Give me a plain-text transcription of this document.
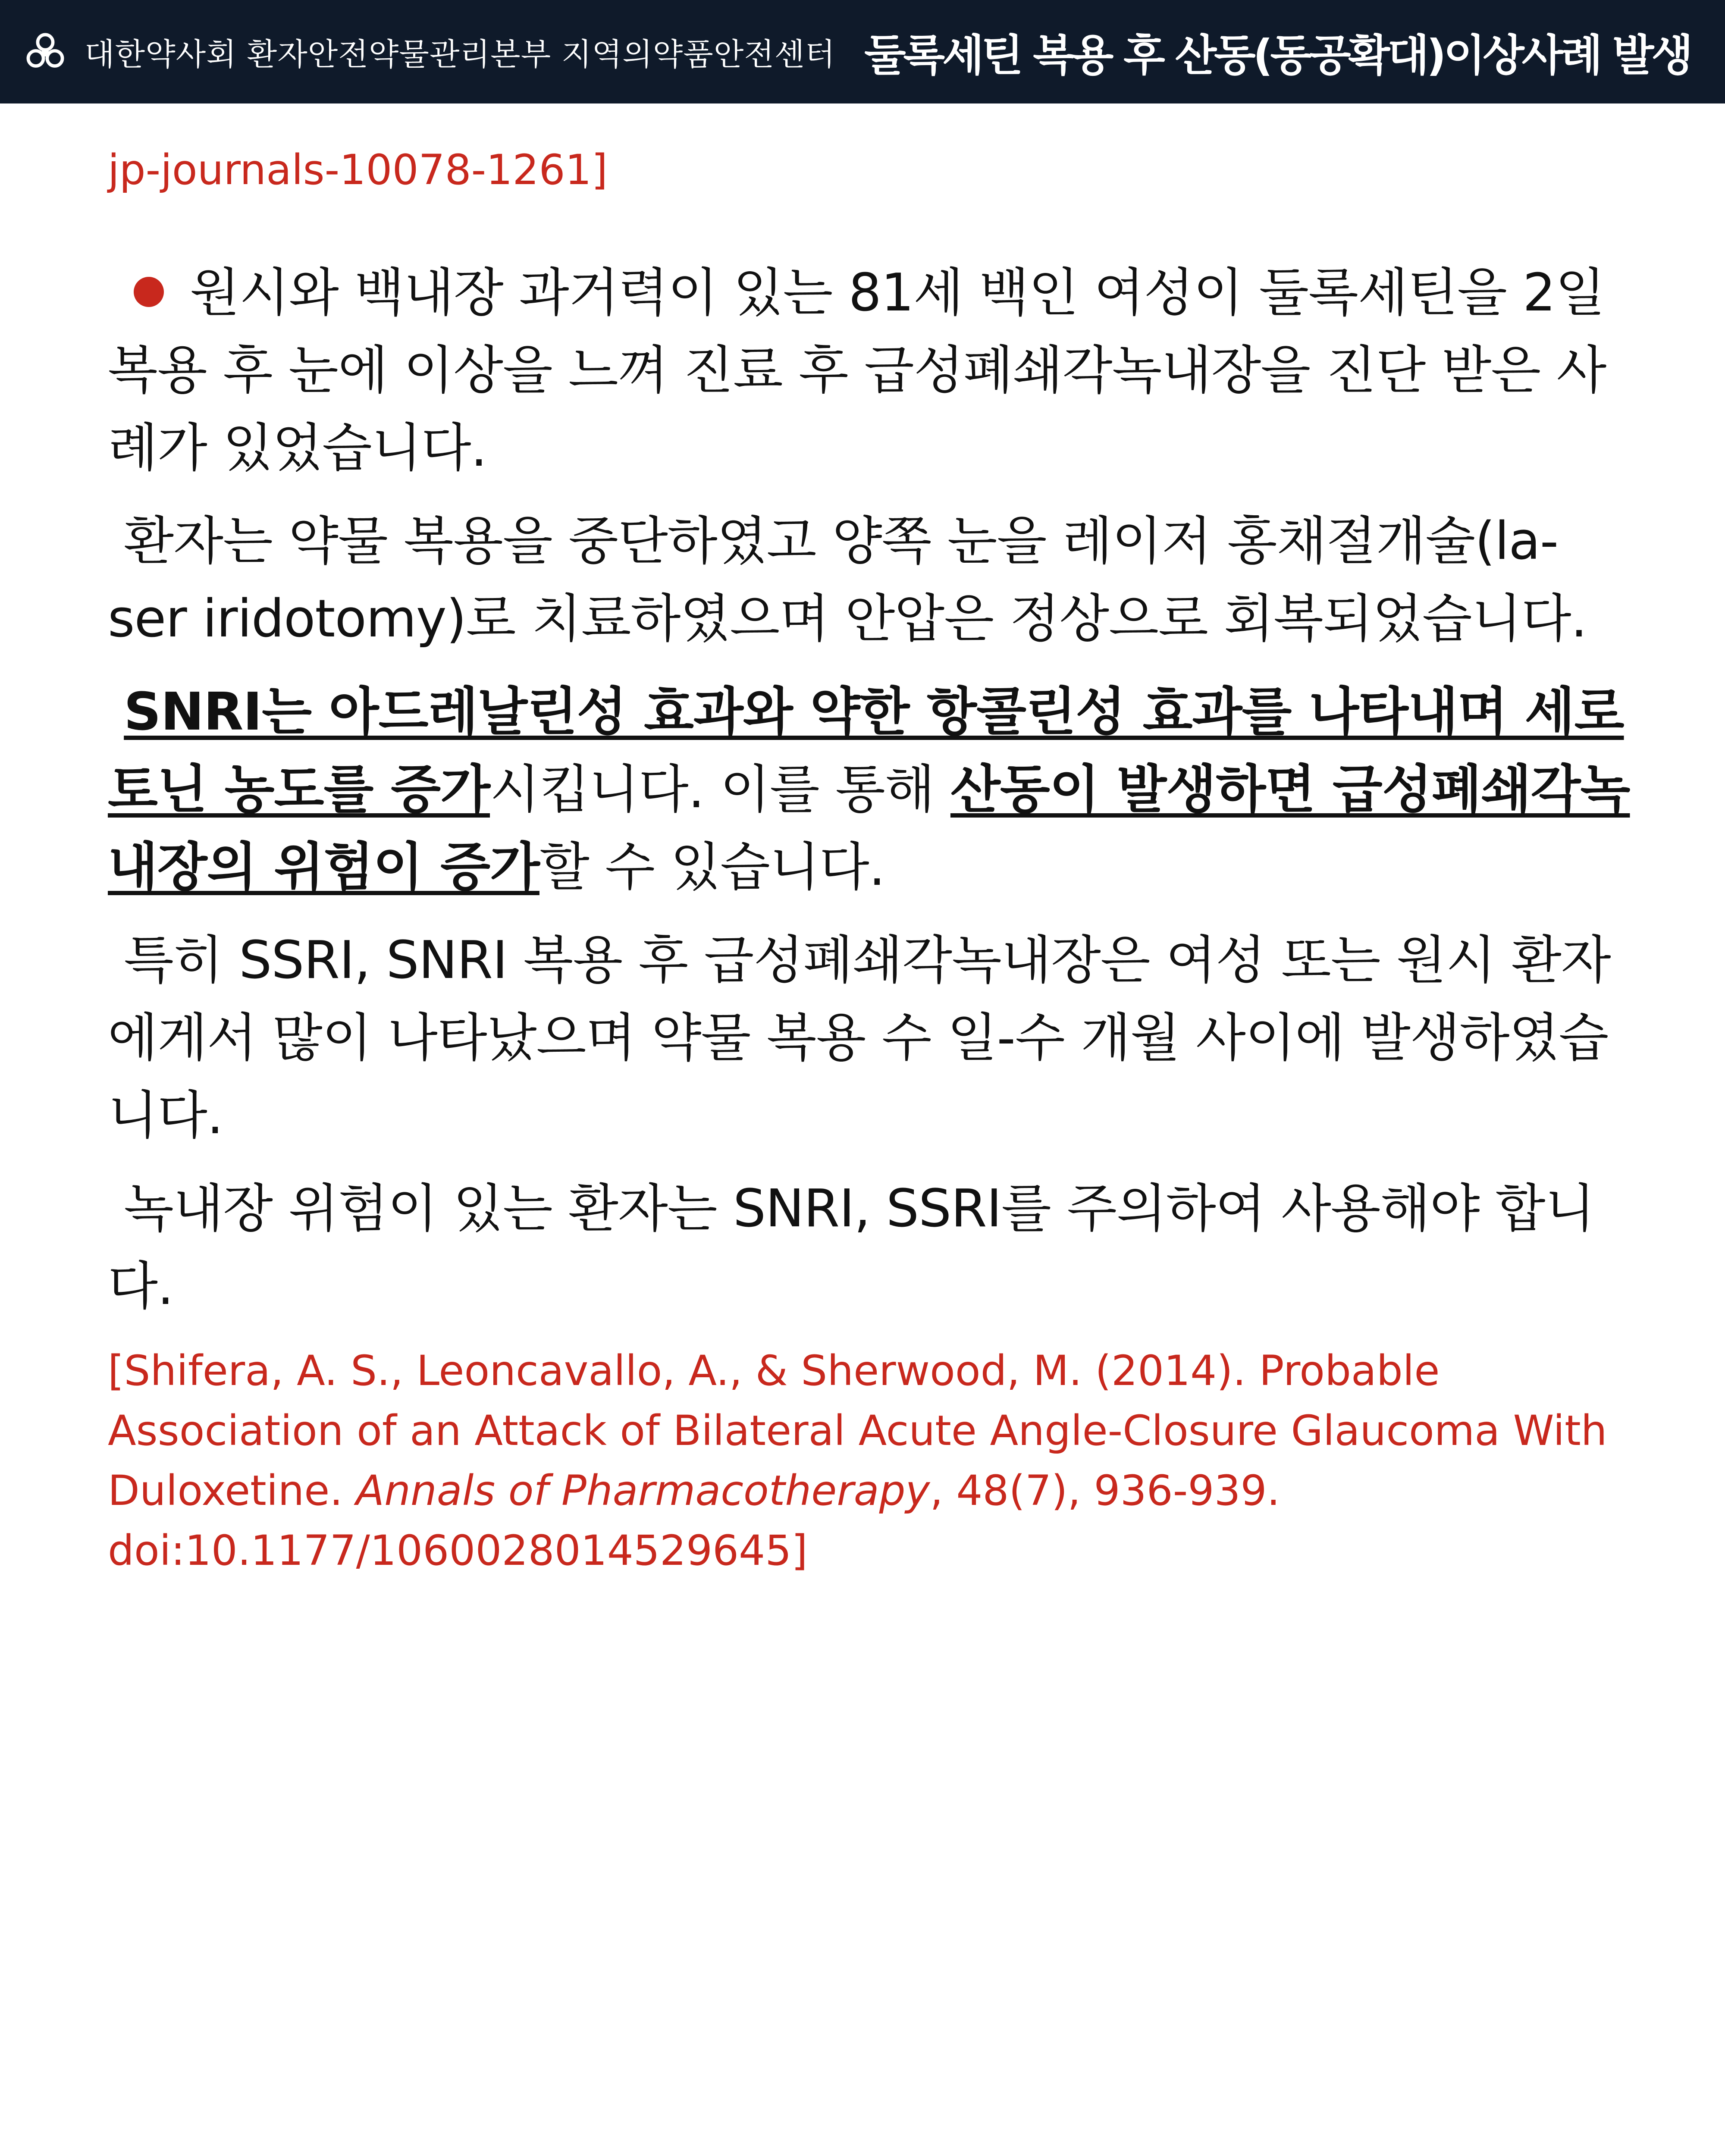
대한약사회 환자안전약물관리본부 지역의약품안전센터 둘록세틴 복용 후 산동(동공확대)이상사례 발생

jp-journals-10078-1261]

원시와 백내장 과거력이 있는 81세 백인 여성이 둘록세틴을 2일 복용 후 눈에 이상을 느껴 진료 후 급성폐쇄각녹내장을 진단 받은 사례가 있었습니다.

환자는 약물 복용을 중단하였고 양쪽 눈을 레이저 홍채절개술(la-ser iridotomy)로 치료하였으며 안압은 정상으로 회복되었습니다.

SNRI는 아드레날린성 효과와 약한 항콜린성 효과를 나타내며 세로토닌 농도를 증가시킵니다. 이를 통해 산동이 발생하면 급성폐쇄각녹내장의 위험이 증가할 수 있습니다.

특히 SSRI, SNRI 복용 후 급성폐쇄각녹내장은 여성 또는 원시 환자에게서 많이 나타났으며 약물 복용 수 일-수 개월 사이에 발생하였습니다.

녹내장 위험이 있는 환자는 SNRI, SSRI를 주의하여 사용해야 합니다.

[Shifera, A. S., Leoncavallo, A., & Sherwood, M. (2014). Probable Association of an Attack of Bilateral Acute Angle-Closure Glaucoma With Duloxetine. Annals of Pharmacotherapy, 48(7), 936-939. doi:10.1177/1060028014529645]
